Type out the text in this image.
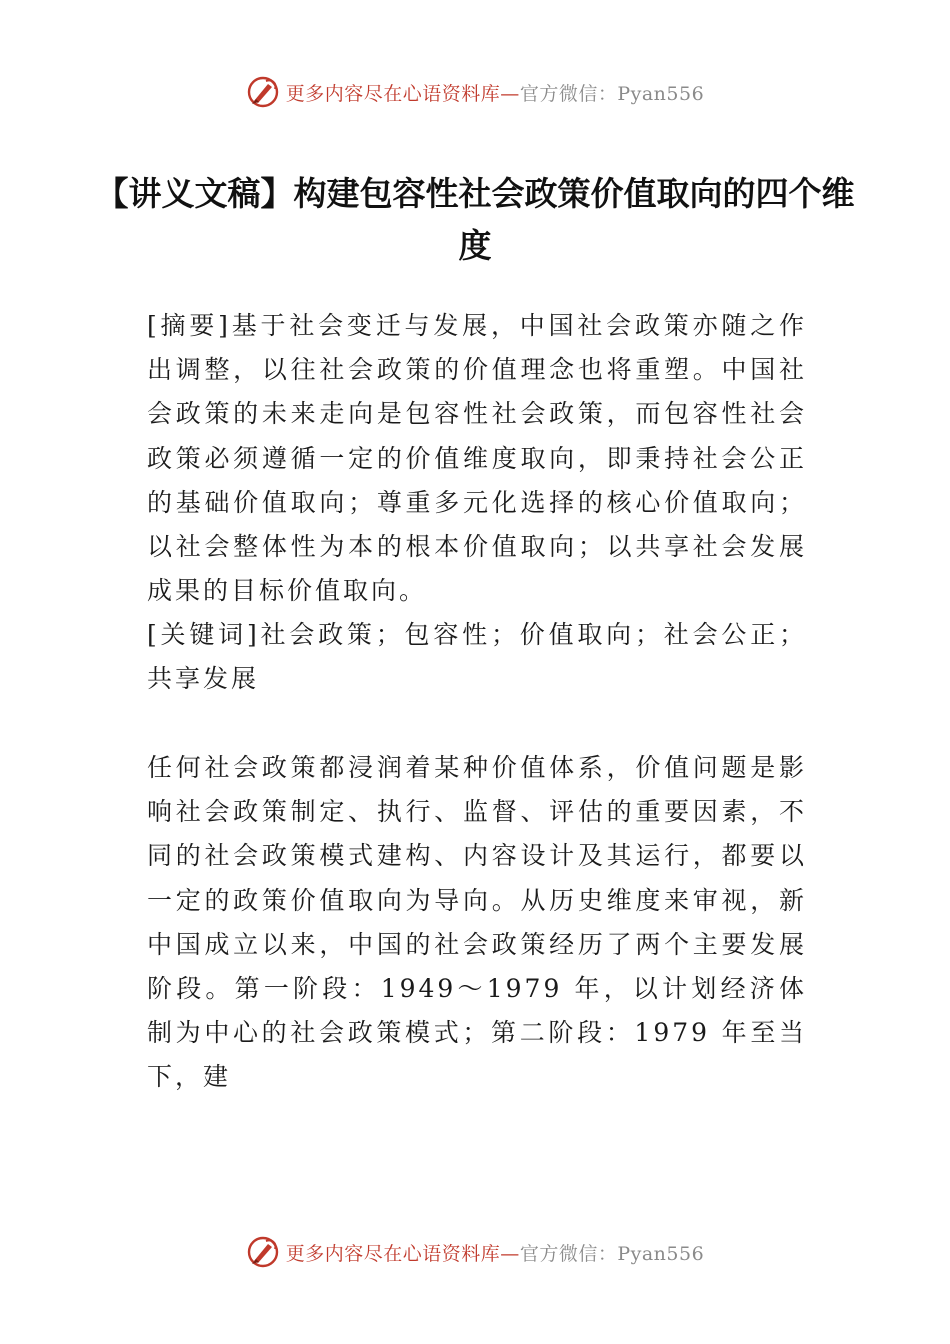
更多内容尽在心语资料库—官方微信：Pyan556
【讲义文稿】构建包容性社会政策价值取向的四个维度
[摘要]基于社会变迁与发展，中国社会政策亦随之作出调整，以往社会政策的价值理念也将重塑。中国社会政策的未来走向是包容性社会政策，而包容性社会政策必须遵循一定的价值维度取向，即秉持社会公正的基础价值取向；尊重多元化选择的核心价值取向；以社会整体性为本的根本价值取向；以共享社会发展成果的目标价值取向。
[关键词]社会政策；包容性；价值取向；社会公正；共享发展
任何社会政策都浸润着某种价值体系，价值问题是影响社会政策制定、执行、监督、评估的重要因素，不同的社会政策模式建构、内容设计及其运行，都要以一定的政策价值取向为导向。从历史维度来审视，新中国成立以来，中国的社会政策经历了两个主要发展阶段。第一阶段：1949～1979 年，以计划经济体制为中心的社会政策模式；第二阶段：1979 年至当下，建
更多内容尽在心语资料库—官方微信：Pyan556
